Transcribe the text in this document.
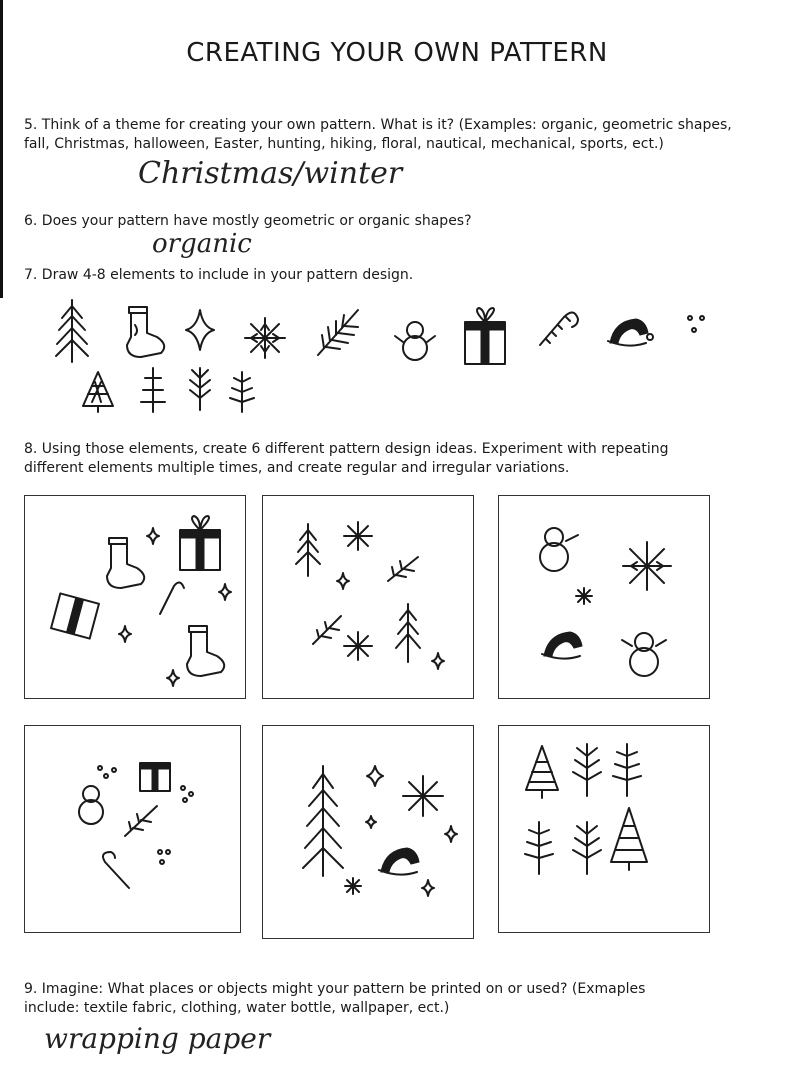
CREATING YOUR OWN PATTERN
5. Think of a theme for creating your own pattern. What is it? (Examples: organic, geometric shapes,
fall, Christmas, halloween, Easter, hunting, hiking, floral, nautical, mechanical, sports, ect.)
Christmas/winter
6. Does your pattern have mostly geometric or organic shapes?
organic
7. Draw 4-8 elements to include in your pattern design.
8. Using those elements, create 6 different pattern design ideas. Experiment with repeating
different elements multiple times, and create regular and irregular variations.
9. Imagine: What places or objects might your pattern be printed on or used? (Exmaples
include: textile fabric, clothing, water bottle, wallpaper, ect.)
wrapping paper
